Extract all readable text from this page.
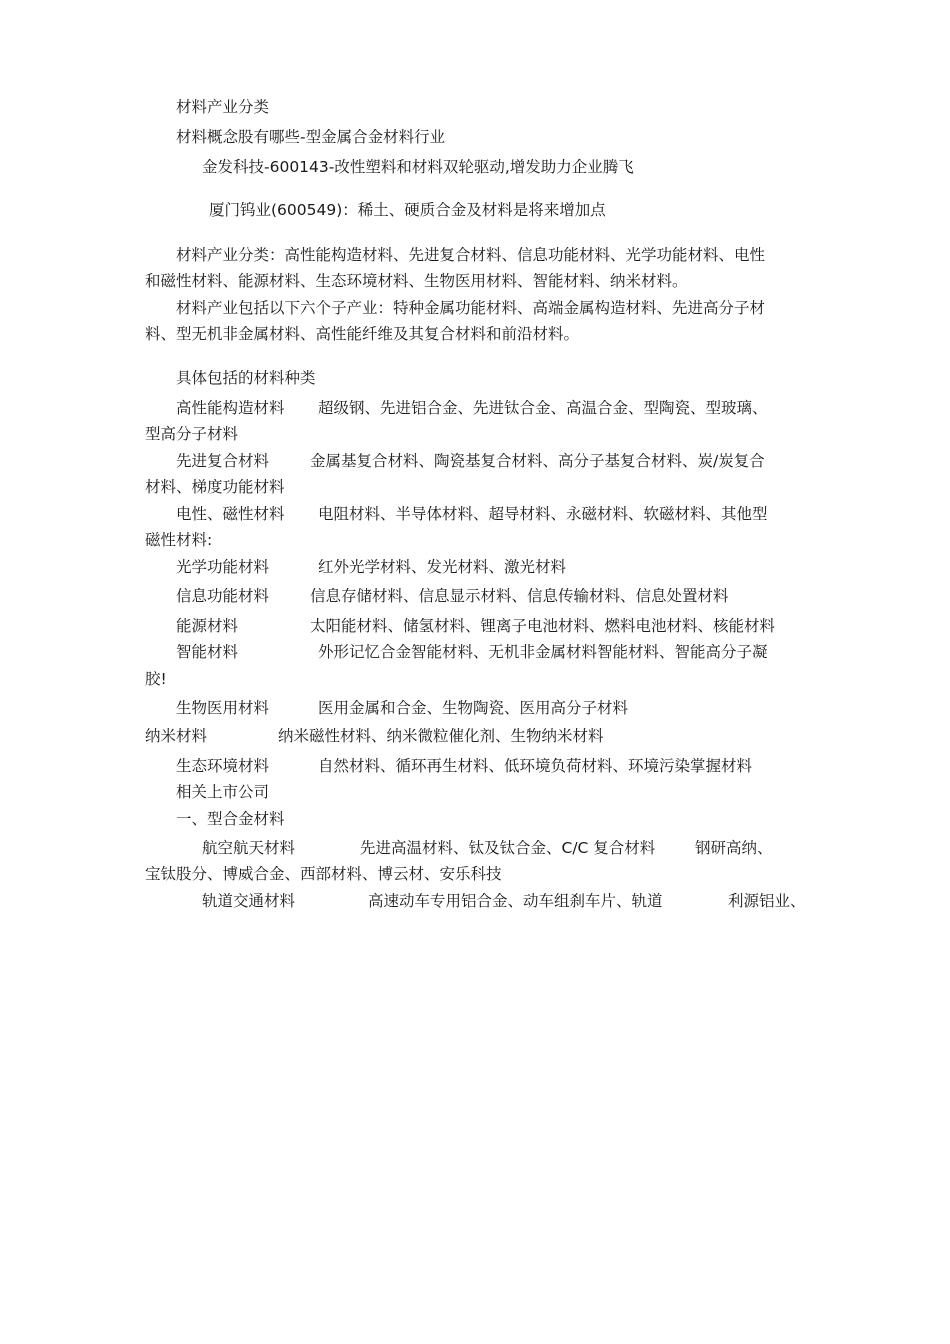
材料产业分类
材料概念股有哪些-型金属合金材料行业
金发科技-600143-改性塑料和材料双轮驱动,增发助力企业腾飞
厦门钨业(600549)：稀土、硬质合金及材料是将来增加点
材料产业分类：高性能构造材料、先进复合材料、信息功能材料、光学功能材料、电性
和磁性材料、能源材料、生态环境材料、生物医用材料、智能材料、纳米材料。
材料产业包括以下六个子产业：特种金属功能材料、高端金属构造材料、先进高分子材
料、型无机非金属材料、高性能纤维及其复合材料和前沿材料。
具体包括的材料种类
高性能构造材料 超级钢、先进铝合金、先进钛合金、高温合金、型陶瓷、型玻璃、
型高分子材料
先进复合材料	金属基复合材料、陶瓷基复合材料、高分子基复合材料、炭/炭复合
材料、梯度功能材料
电性、磁性材料 电阻材料、半导体材料、超导材料、永磁材料、软磁材料、其他型
磁性材料:
光学功能材料	红外光学材料、发光材料、激光材料
信息功能材料	信息存储材料、信息显示材料、信息传输材料、信息处置材料
能源材料	太阳能材料、储氢材料、锂离子电池材料、燃料电池材料、核能材料
智能材料	外形记忆合金智能材料、无机非金属材料智能材料、智能高分子凝
胶!
生物医用材料	医用金属和合金、生物陶瓷、医用高分子材料
纳米材料	纳米磁性材料、纳米微粒催化剂、生物纳米材料
生态环境材料	自然材料、循环再生材料、低环境负荷材料、环境污染掌握材料
相关上市公司
一、型合金材料
航空航天材料	先进高温材料、钛及钛合金、C/C 复合材料	钢研高纳、
宝钛股分、博威合金、西部材料、博云材、安乐科技
轨道交通材料	高速动车专用铝合金、动车组刹车片、轨道	利源铝业、
